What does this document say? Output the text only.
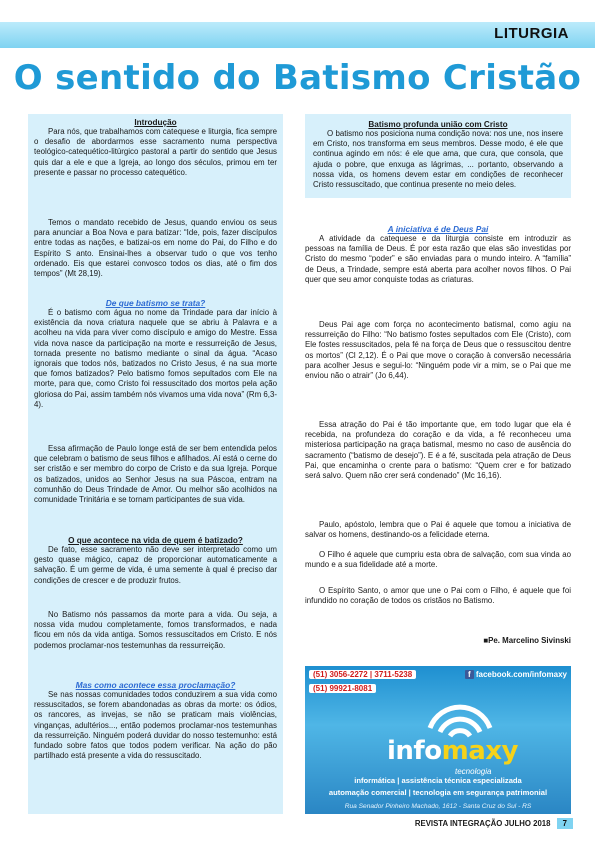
LITURGIA
O sentido do Batismo Cristão

Introdução

Para nós, que trabalhamos com catequese e liturgia, fica sempre o desafio de abordarmos esse sacramento numa perspectiva teológico-catequético-litúrgico pastoral a partir do sentido que Jesus quis dar a ele e que a Igreja, ao longo dos séculos, primou em ter presente e passar no processo catequético.

Temos o mandato recebido de Jesus, quando enviou os seus para anunciar a Boa Nova e para batizar: “Ide, pois, fazer discípulos entre todas as nações, e batizai-os em nome do Pai, do Filho e do Espírito S anto. Ensinai-lhes a observar tudo o que vos tenho ordenado. Eis que estarei convosco todos os dias, até o fim dos tempos” (Mt 28,19).

De que batismo se trata?

É o batismo com água no nome da Trindade para dar início à existência da nova criatura naquele que se abriu à Palavra e a acolheu na vida para viver como discípulo e amigo do Mestre. Essa vida nova nasce da participação na morte e ressurreição de Jesus, tornada presente no batismo mediante o sinal da água. “Acaso ignorais que todos nós, batizados no Cristo Jesus, é na sua morte que fomos batizados? Pelo batismo fomos sepultados com Ele na morte, para que, como Cristo foi ressuscitado dos mortos pela ação gloriosa do Pai, assim também nós vivamos uma vida nova” (Rm 6,3-4).

Essa afirmação de Paulo longe está de ser bem entendida pelos que celebram o batismo de seus filhos e afilhados. Aí está o cerne do ser cristão e ser membro do corpo de Cristo e da sua Igreja. Porque os batizados, unidos ao Senhor Jesus na sua Páscoa, entram na comunhão do Deus Trindade de Amor. Ou melhor são acolhidos na comunidade Trinitária e se tornam participantes de sua vida.

O que acontece na vida de quem é batizado?

De fato, esse sacramento não deve ser interpretado como um gesto quase mágico, capaz de proporcionar automaticamente a salvação. É um germe de vida, é uma semente à qual é preciso dar condições de crescer e de produzir frutos.

No Batismo nós passamos da morte para a vida. Ou seja, a nossa vida mudou completamente, fomos transformados, e nada ficou em nós da vida antiga. Somos ressuscitados em Cristo. E nós podemos proclamar-nos testemunhas da ressurreição.

Mas como acontece essa proclamação?

Se nas nossas comunidades todos conduzirem a sua vida como ressuscitados, se forem abandonadas as obras da morte: os ódios, os rancores, as invejas, se não se praticam mais violências, vinganças, adultérios..., então podemos proclamar-nos testemunhas da ressurreição. Ninguém poderá duvidar do nosso testemunho: está fundado sobre fatos que todos podem verificar. Na ação do pão partilhado está presente a vida do ressuscitado.

Batismo profunda união com Cristo

O batismo nos posiciona numa condição nova: nos une, nos insere em Cristo, nos transforma em seus membros. Desse modo, é ele que continua agindo em nós: é ele que ama, que cura, que consola, que ajuda o pobre, que enxuga as lágrimas, ... portanto, observando a nossa vida, os homens devem estar em condições de reconhecer Cristo ressuscitado, que continua presente no meio deles.

A iniciativa é de Deus Pai

A atividade da catequese e da liturgia consiste em introduzir as pessoas na família de Deus. É por esta razão que elas são investidas por Cristo do mesmo “poder” e são enviadas para o mundo inteiro. A “família” de Deus, a Trindade, sempre está aberta para acolher novos filhos. O Pai quer que seu amor conquiste todas as criaturas.

Deus Pai age com força no acontecimento batismal, como agiu na ressurreição do Filho: “No batismo fostes sepultados com Ele (Cristo), com Ele fostes ressuscitados, pela fé na força de Deus que o ressuscitou dentre os mortos” (Cl 2,12). É o Pai que move o coração à conversão necessária para acolher Jesus e segui-lo: “Ninguém pode vir a mim, se o Pai que me enviou não o atrair” (Jo 6,44).

Essa atração do Pai é tão importante que, em todo lugar que ela é recebida, na profundeza do coração e da vida, a fé reconheceu uma misteriosa participação na graça batismal, mesmo no caso de ausência do sacramento (“batismo de desejo”). E é a fé, suscitada pela atração de Deus Pai, que encaminha o crente para o batismo: “Quem crer e for batizado será salvo. Quem não crer será condenado” (Mc 16,16).

Paulo, apóstolo, lembra que o Pai é aquele que tomou a iniciativa de salvar os homens, destinando-os a felicidade eterna.

O Filho é aquele que cumpriu esta obra de salvação, com sua vinda ao mundo e a sua fidelidade até a morte.

O Espírito Santo, o amor que une o Pai com o Filho, é aquele que foi infundido no coração de todos os cristãos no Batismo.

■Pe. Marcelino Sivinski

(51) 3056-2272 | 3711-5238	f facebook.com/infomaxy
(51) 99921-8081
infomaxy
tecnologia
informática | assistência técnica especializada
automação comercial | tecnologia em segurança patrimonial
Rua Senador Pinheiro Machado, 1612 - Santa Cruz do Sul - RS
REVISTA INTEGRAÇÃO JULHO 2018 7
